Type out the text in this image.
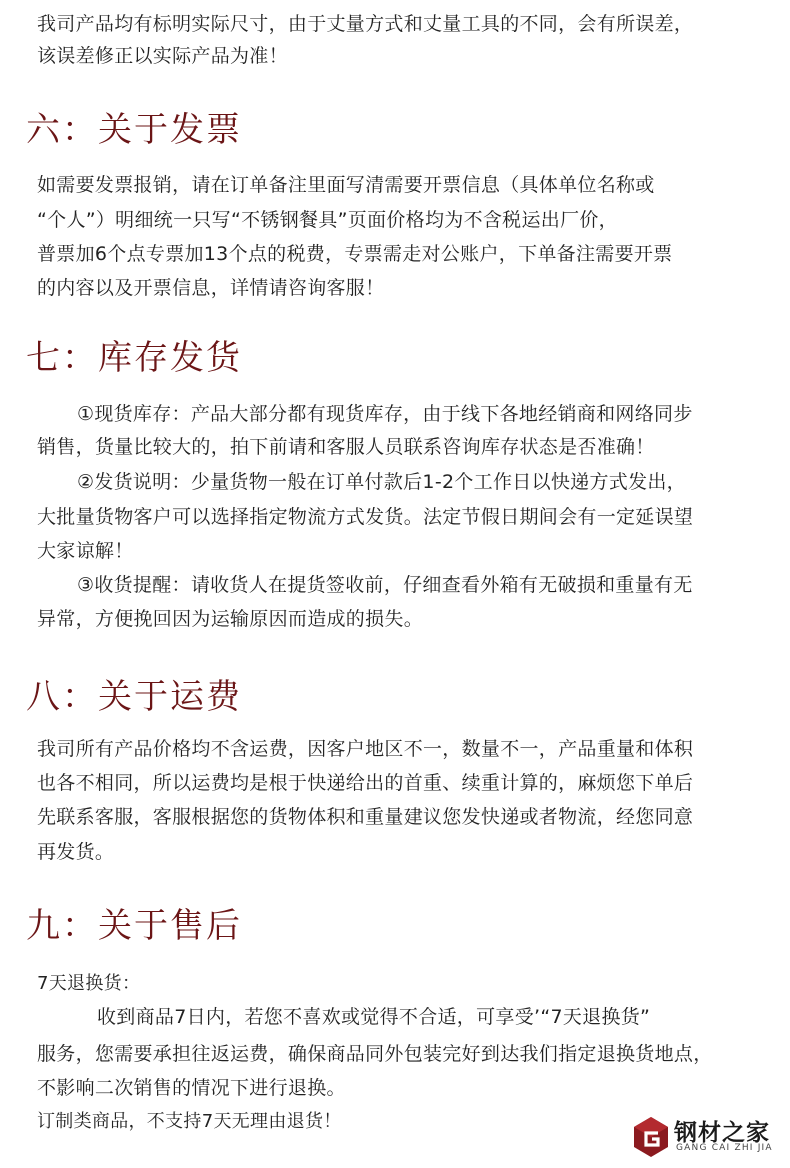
我司产品均有标明实际尺寸，由于丈量方式和丈量工具的不同，会有所误差，
该误差修正以实际产品为准！
六：关于发票
如需要发票报销，请在订单备注里面写清需要开票信息（具体单位名称或
“个人”）明细统一只写“不锈钢餐具”页面价格均为不含税运出厂价，
普票加6个点专票加13个点的税费，专票需走对公账户，下单备注需要开票
的内容以及开票信息，详情请咨询客服！
七：库存发货
①现货库存：产品大部分都有现货库存，由于线下各地经销商和网络同步
销售，货量比较大的，拍下前请和客服人员联系咨询库存状态是否准确！
②发货说明：少量货物一般在订单付款后1-2个工作日以快递方式发出，
大批量货物客户可以选择指定物流方式发货。法定节假日期间会有一定延误望
大家谅解！
③收货提醒：请收货人在提货签收前，仔细查看外箱有无破损和重量有无
异常，方便挽回因为运输原因而造成的损失。
八：关于运费
我司所有产品价格均不含运费，因客户地区不一，数量不一，产品重量和体积
也各不相同，所以运费均是根于快递给出的首重、续重计算的，麻烦您下单后
先联系客服，客服根据您的货物体积和重量建议您发快递或者物流，经您同意
再发货。
九：关于售后
7天退换货：
收到商品7日内，若您不喜欢或觉得不合适，可享受’“7天退换货”
服务，您需要承担往返运费，确保商品同外包装完好到达我们指定退换货地点，
不影响二次销售的情况下进行退换。
订制类商品，不支持7天无理由退货！	钢材之家
GANG CAI ZHI JIA
